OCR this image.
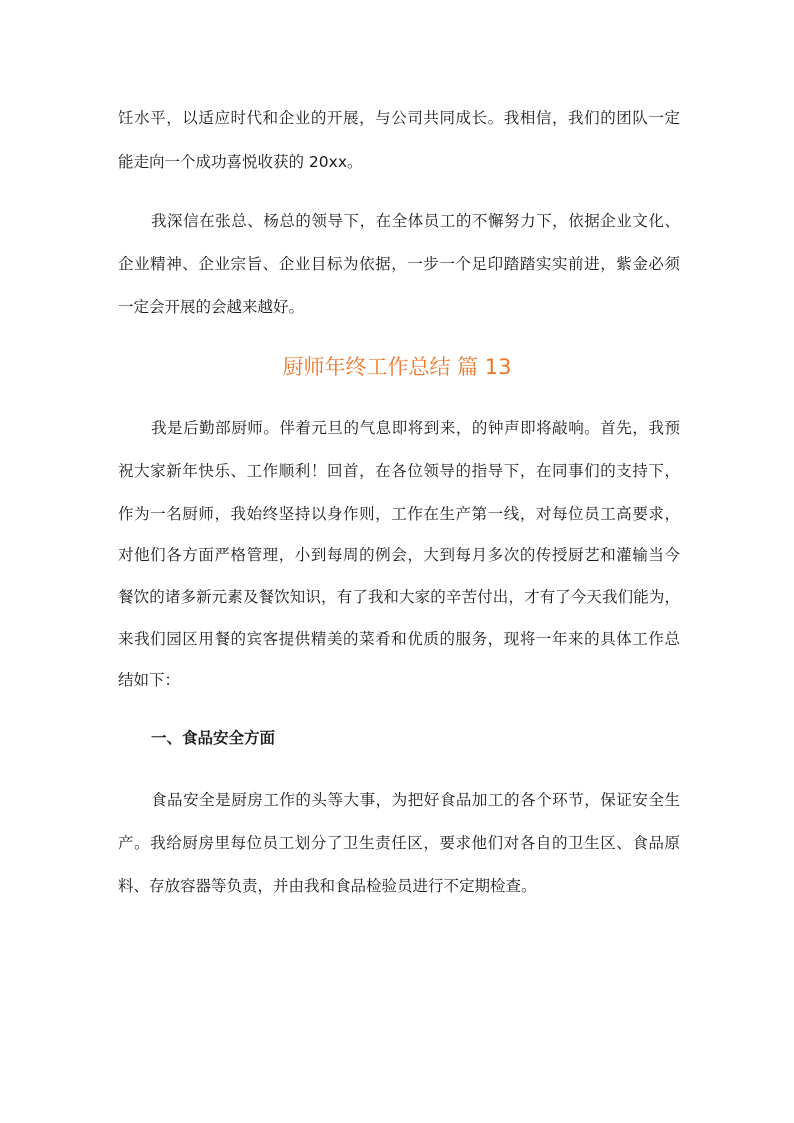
饪水平，以适应时代和企业的开展，与公司共同成长。我相信，我们的团队一定
能走向一个成功喜悦收获的 20xx。
我深信在张总、杨总的领导下，在全体员工的不懈努力下，依据企业文化、
企业精神、企业宗旨、企业目标为依据，一步一个足印踏踏实实前进，紫金必须
一定会开展的会越来越好。
厨师年终工作总结 篇 13
我是后勤部厨师。伴着元旦的气息即将到来，的钟声即将敲响。首先，我预
祝大家新年快乐、工作顺利！回首，在各位领导的指导下，在同事们的支持下，
作为一名厨师，我始终坚持以身作则，工作在生产第一线，对每位员工高要求，
对他们各方面严格管理，小到每周的例会，大到每月多次的传授厨艺和灌输当今
餐饮的诸多新元素及餐饮知识，有了我和大家的辛苦付出，才有了今天我们能为，
来我们园区用餐的宾客提供精美的菜肴和优质的服务，现将一年来的具体工作总
结如下：
一、食品安全方面
食品安全是厨房工作的头等大事，为把好食品加工的各个环节，保证安全生
产。我给厨房里每位员工划分了卫生责任区，要求他们对各自的卫生区、食品原
料、存放容器等负责，并由我和食品检验员进行不定期检查。
